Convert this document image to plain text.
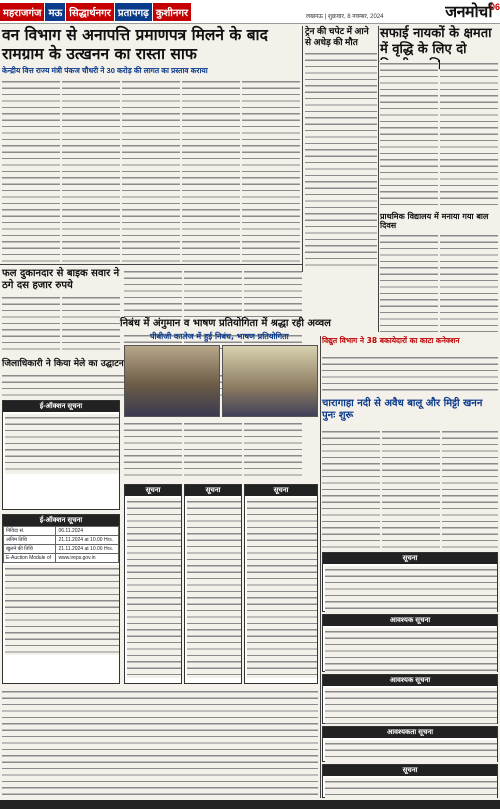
महराजगंज मऊ सिद्धार्थनगर प्रतापगढ़ कुशीनगर	लखनऊ | शुक्रवार, 8 नवम्बर, 2024	जनमोर्चा
06
वन विभाग से अनापत्ति प्रमाणपत्र मिलने के बाद रामग्राम के उत्खनन का रास्ता साफ
केन्द्रीय वित्त राज्य मंत्री पंकज चौधरी ने 30 करोड़ की लागत का प्रस्ताव कराया
ट्रेन की चपेट में आने से अधेड़ की मौत
सफाई नायकों के क्षमता में वृद्धि के लिए दो
फल दुकानदार से बाइक सवार ने ठगे दस हजार रुपये
जिलाधिकारी ने किया मेले का उद्घाटन
निबंध में अंगुमान व भाषण प्रतियोगिता में श्रद्धा रही अव्वल
पीबीजी कालेज में हुई निबंध, भाषण प्रतियोगिता
प्राथमिक विद्यालय में मनाया गया बाल दिवस
विद्युत विभाग ने 38 बकायेदारों का काटा कनेक्शन
चारागाहा नदी से अवैध बालू और मिट्टी खनन पुनः शुरू
ई-ऑक्शन सूचना
ई-ऑक्शन सूचना
निविदा सं.	06.11.2024
अंतिम तिथि	21.11.2024 at 10.00 Hrs.
खुलने की तिथि	21.11.2024 at 10.00 Hrs.
E-Auction Module of	www.ireps.gov.in
सूचना	सूचना	सूचना
सूचना
आवश्यक सूचना
आवश्यक सूचना
आवश्यकता सूचना
सूचना
